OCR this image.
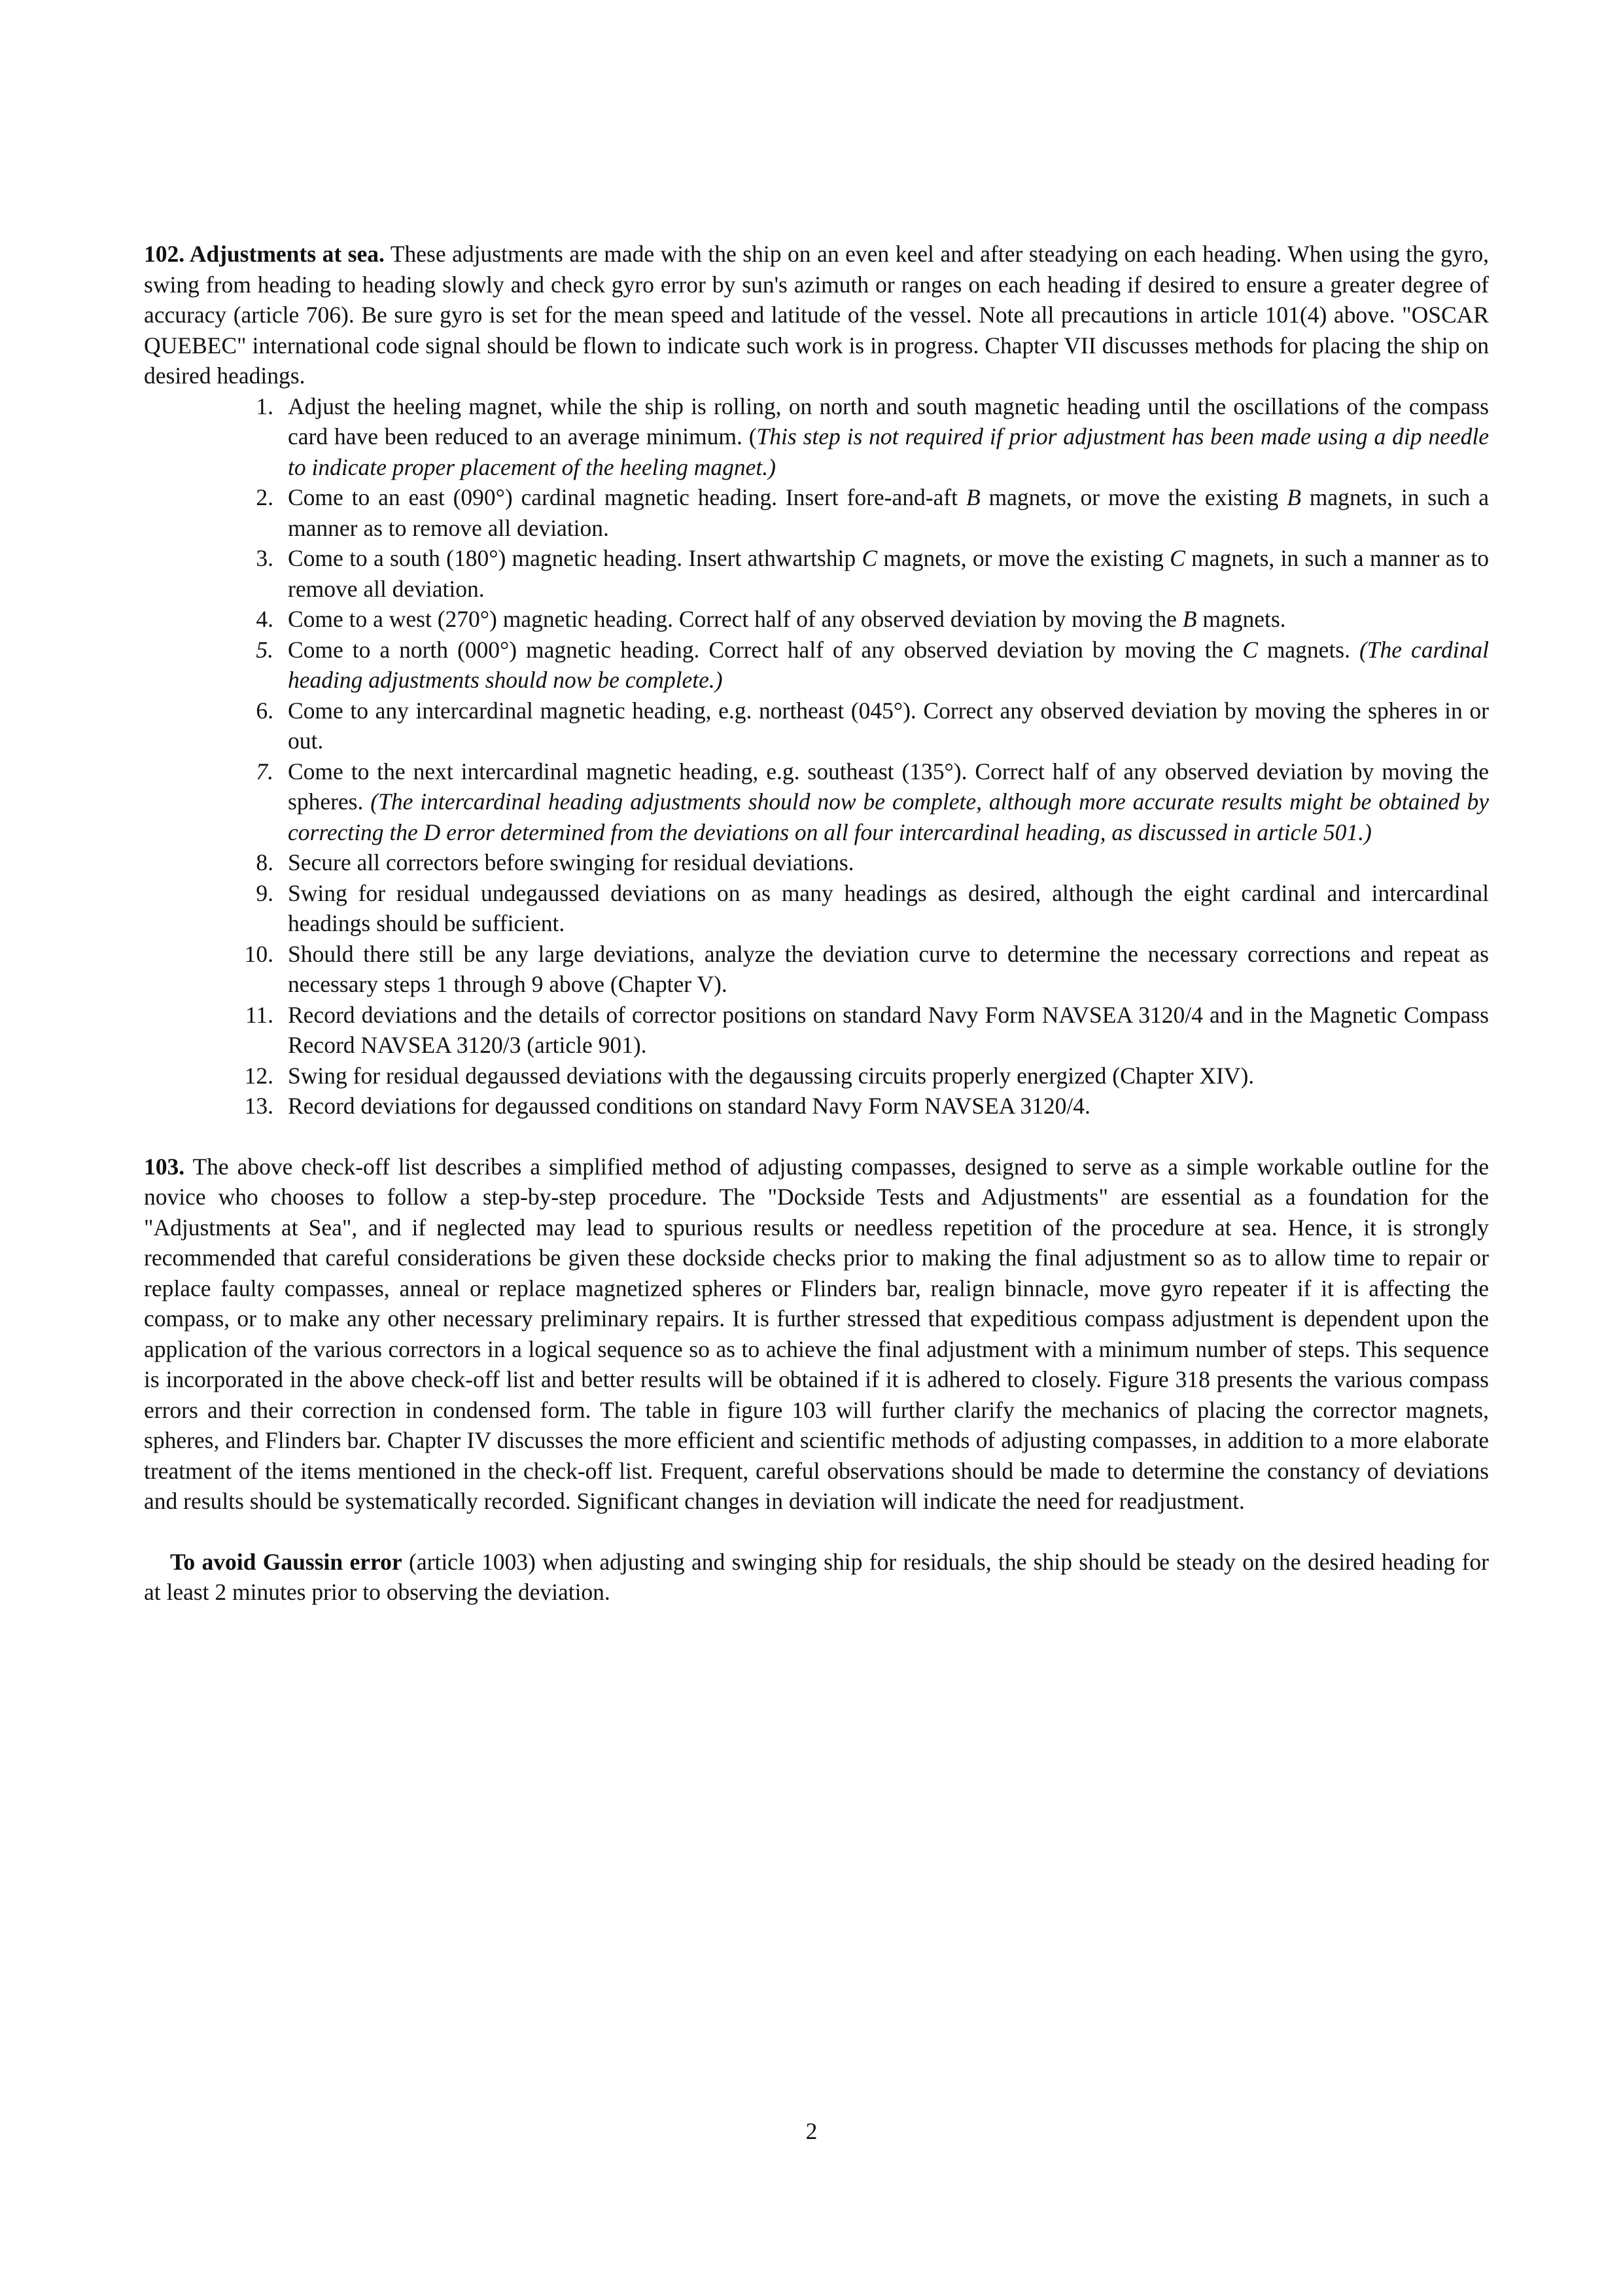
102. Adjustments at sea. These adjustments are made with the ship on an even keel and after steadying on each heading. When using the gyro, swing from heading to heading slowly and check gyro error by sun's azimuth or ranges on each heading if desired to ensure a greater degree of accuracy (article 706). Be sure gyro is set for the mean speed and latitude of the vessel. Note all precautions in article 101(4) above. "OSCAR QUEBEC" international code signal should be flown to indicate such work is in progress. Chapter VII discusses methods for placing the ship on desired headings.

1. Adjust the heeling magnet, while the ship is rolling, on north and south magnetic heading until the oscillations of the compass card have been reduced to an average minimum. (This step is not required if prior adjustment has been made using a dip needle to indicate proper placement of the heeling magnet.)
2. Come to an east (090°) cardinal magnetic heading. Insert fore-and-aft B magnets, or move the existing B magnets, in such a manner as to remove all deviation.
3. Come to a south (180°) magnetic heading. Insert athwartship C magnets, or move the existing C magnets, in such a manner as to remove all deviation.
4. Come to a west (270°) magnetic heading. Correct half of any observed deviation by moving the B magnets.
5. Come to a north (000°) magnetic heading. Correct half of any observed deviation by moving the C magnets. (The cardinal heading adjustments should now be complete.)
6. Come to any intercardinal magnetic heading, e.g. northeast (045°). Correct any observed deviation by moving the spheres in or out.
7. Come to the next intercardinal magnetic heading, e.g. southeast (135°). Correct half of any observed deviation by moving the spheres. (The intercardinal heading adjustments should now be complete, although more accurate results might be obtained by correcting the D error determined from the deviations on all four intercardinal heading, as discussed in article 501.)
8. Secure all correctors before swinging for residual deviations.
9. Swing for residual undegaussed deviations on as many headings as desired, although the eight cardinal and intercardinal headings should be sufficient.
10. Should there still be any large deviations, analyze the deviation curve to determine the necessary corrections and repeat as necessary steps 1 through 9 above (Chapter V).
11. Record deviations and the details of corrector positions on standard Navy Form NAVSEA 3120/4 and in the Magnetic Compass Record NAVSEA 3120/3 (article 901).
12. Swing for residual degaussed deviations with the degaussing circuits properly energized (Chapter XIV).
13. Record deviations for degaussed conditions on standard Navy Form NAVSEA 3120/4.

103. The above check-off list describes a simplified method of adjusting compasses, designed to serve as a simple workable outline for the novice who chooses to follow a step-by-step procedure. The "Dockside Tests and Adjustments" are essential as a foundation for the "Adjustments at Sea", and if neglected may lead to spurious results or needless repetition of the procedure at sea. Hence, it is strongly recommended that careful considerations be given these dockside checks prior to making the final adjustment so as to allow time to repair or replace faulty compasses, anneal or replace magnetized spheres or Flinders bar, realign binnacle, move gyro repeater if it is affecting the compass, or to make any other necessary preliminary repairs. It is further stressed that expeditious compass adjustment is dependent upon the application of the various correctors in a logical sequence so as to achieve the final adjustment with a minimum number of steps. This sequence is incorporated in the above check-off list and better results will be obtained if it is adhered to closely. Figure 318 presents the various compass errors and their correction in condensed form. The table in figure 103 will further clarify the mechanics of placing the corrector magnets, spheres, and Flinders bar. Chapter IV discusses the more efficient and scientific methods of adjusting compasses, in addition to a more elaborate treatment of the items mentioned in the check-off list. Frequent, careful observations should be made to determine the constancy of deviations and results should be systematically recorded. Significant changes in deviation will indicate the need for readjustment.

To avoid Gaussin error (article 1003) when adjusting and swinging ship for residuals, the ship should be steady on the desired heading for at least 2 minutes prior to observing the deviation.

2
